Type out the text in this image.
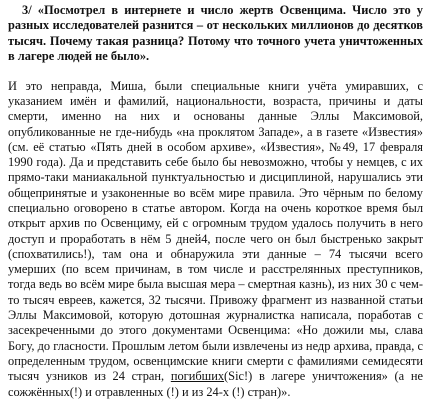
3/ «Посмотрел в интернете и число жертв Освенцима. Число это у разных исследователей разнится – от нескольких миллионов до десятков тысяч. Почему такая разница? Потому что точного учета уничтоженных в лагере людей не было».

И это неправда, Миша, были специальные книги учёта умиравших, с указанием имён и фамилий, национальности, возраста, причины и даты смерти, именно на них и основаны данные Эллы Максимовой, опубликованные не где-нибудь «на проклятом Западе», а в газете «Известия» (см. её статью «Пять дней в особом архиве», «Известия», №49, 17 февраля 1990 года). Да и представить себе было бы невозможно, чтобы у немцев, с их прямо-таки маниакальной пунктуальностью и дисциплиной, нарушались эти общепринятые и узаконенные во всём мире правила. Это чёрным по белому специально оговорено в статье автором. Когда на очень короткое время был открыт архив по Освенциму, ей с огромным трудом удалось получить в него доступ и проработать в нём 5 дней4, после чего он был быстренько закрыт (спохватились!), там она и обнаружила эти данные – 74 тысячи всего умерших (по всем причинам, в том числе и расстрелянных преступников, тогда ведь во всём мире была высшая мера – смертная казнь), из них 30 с чем-то тысяч евреев, кажется, 32 тысячи. Привожу фрагмент из названной статьи Эллы Максимовой, которую дотошная журналистка написала, поработав с засекреченными до этого документами Освенцима: «Но дожили мы, слава Богу, до гласности. Прошлым летом были извлечены из недр архива, правда, с определенным трудом, освенцимские книги смерти с фамилиями семидесяти тысяч узников из 24 стран, погибших(Sic!) в лагере уничтожения» (а не сожжённых(!) и отравленных (!) и из 24-х (!) стран)».
